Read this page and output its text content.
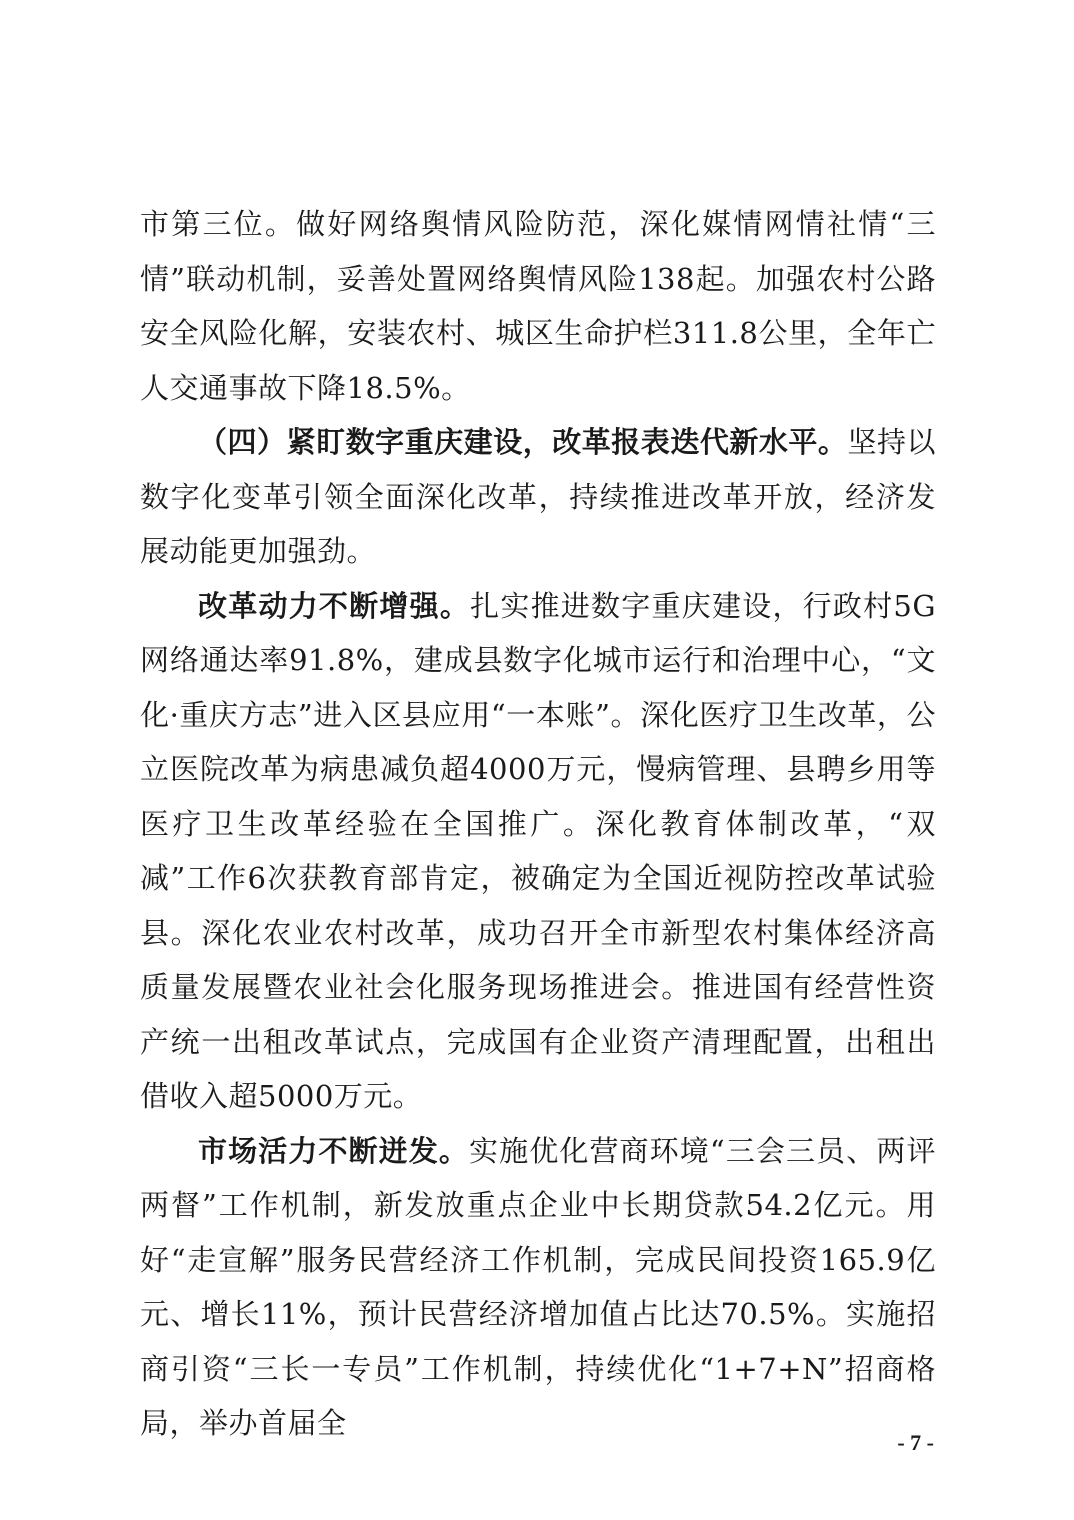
市第三位。做好网络舆情风险防范，深化媒情网情社情“三情”联动机制，妥善处置网络舆情风险138起。加强农村公路安全风险化解，安装农村、城区生命护栏311.8公里，全年亡人交通事故下降18.5%。

（四）紧盯数字重庆建设，改革报表迭代新水平。坚持以数字化变革引领全面深化改革，持续推进改革开放，经济发展动能更加强劲。

改革动力不断增强。扎实推进数字重庆建设，行政村5G网络通达率91.8%，建成县数字化城市运行和治理中心，“文化·重庆方志”进入区县应用“一本账”。深化医疗卫生改革，公立医院改革为病患减负超4000万元，慢病管理、县聘乡用等医疗卫生改革经验在全国推广。深化教育体制改革，“双减”工作6次获教育部肯定，被确定为全国近视防控改革试验县。深化农业农村改革，成功召开全市新型农村集体经济高质量发展暨农业社会化服务现场推进会。推进国有经营性资产统一出租改革试点，完成国有企业资产清理配置，出租出借收入超5000万元。

市场活力不断迸发。实施优化营商环境“三会三员、两评两督”工作机制，新发放重点企业中长期贷款54.2亿元。用好“走宣解”服务民营经济工作机制，完成民间投资165.9亿元、增长11%，预计民营经济增加值占比达70.5%。实施招商引资“三长一专员”工作机制，持续优化“1+7+N”招商格局，举办首届全

- 7 -
